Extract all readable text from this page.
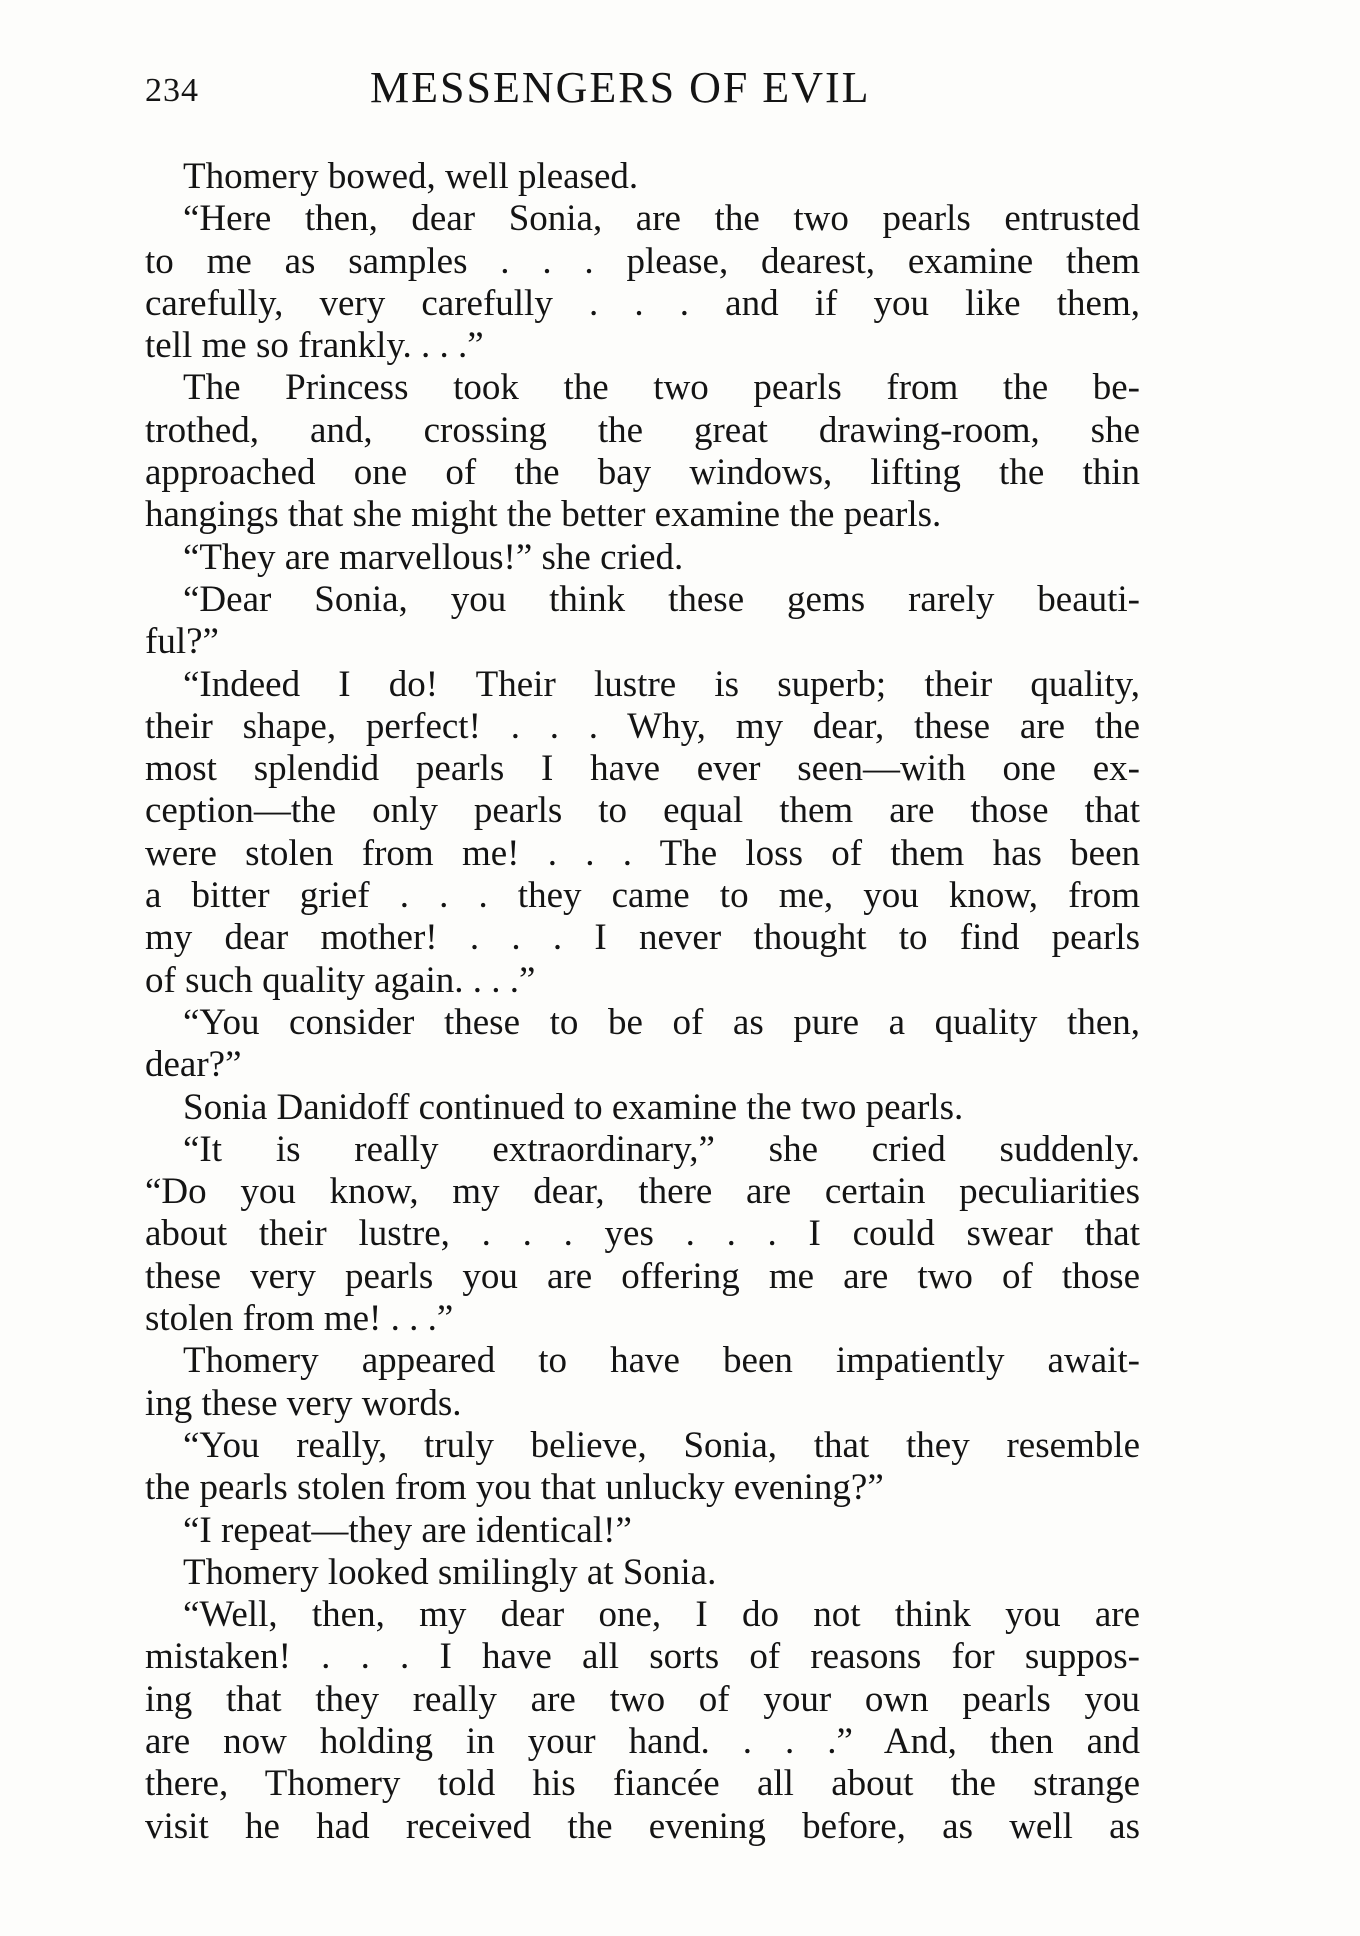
234	MESSENGERS OF EVIL
Thomery bowed, well pleased.
“Here then, dear Sonia, are the two pearls entrusted
to me as samples . . . please, dearest, examine them
carefully, very carefully . . . and if you like them,
tell me so frankly. . . .”
The Princess took the two pearls from the be-
trothed, and, crossing the great drawing-room, she
approached one of the bay windows, lifting the thin
hangings that she might the better examine the pearls.
“They are marvellous!” she cried.
“Dear Sonia, you think these gems rarely beauti-
ful?”
“Indeed I do! Their lustre is superb; their quality,
their shape, perfect! . . . Why, my dear, these are the
most splendid pearls I have ever seen—with one ex-
ception—the only pearls to equal them are those that
were stolen from me! . . . The loss of them has been
a bitter grief . . . they came to me, you know, from
my dear mother! . . . I never thought to find pearls
of such quality again. . . .”
“You consider these to be of as pure a quality then,
dear?”
Sonia Danidoff continued to examine the two pearls.
“It is really extraordinary,” she cried suddenly.
“Do you know, my dear, there are certain peculiarities
about their lustre, . . . yes . . . I could swear that
these very pearls you are offering me are two of those
stolen from me! . . .”
Thomery appeared to have been impatiently await-
ing these very words.
“You really, truly believe, Sonia, that they resemble
the pearls stolen from you that unlucky evening?”
“I repeat—they are identical!”
Thomery looked smilingly at Sonia.
“Well, then, my dear one, I do not think you are
mistaken! . . . I have all sorts of reasons for suppos-
ing that they really are two of your own pearls you
are now holding in your hand. . . .” And, then and
there, Thomery told his fiancée all about the strange
visit he had received the evening before, as well as
